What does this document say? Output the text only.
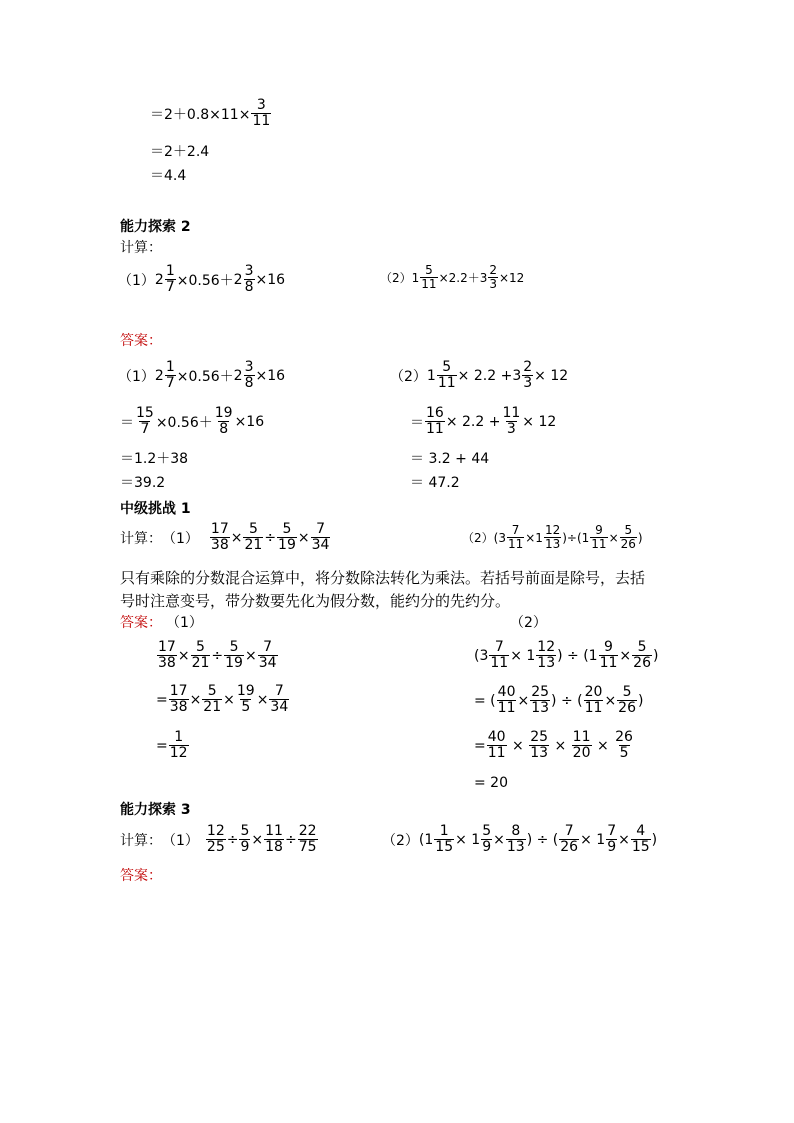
$=2+0.8\times 11\times \frac{3}{11}$
＝2＋2.4
＝4.4
能力探索 2
计算：
（1） $2 \frac{1}{7} \times 0.56+ 2 \frac{3}{8} \times 16$	（2） $1 \frac{5}{11} \times 2.2+ 3 \frac{2}{3} \times 12$
答案：
（1） $2 \frac{1}{7} \times 0.56+ 2 \frac{3}{8} \times 16$
＝ $\frac{15}{7} \times 0.56+ \frac{19}{8} \times 16$
＝1.2＋38
＝39.2
（2） $1 \frac{5}{11} \times 2.2 + 3 \frac{2}{3} \times 12$
＝ $\frac{16}{11} \times 2.2 + \frac{11}{3} \times 12$
＝ 3.2 + 44
＝ 47.2
中级挑战 1
计算： $(1) \frac{17}{38} \times \frac{5}{21} \div \frac{5}{19} \times \frac{7}{34}$	（2） $(3 \frac{7}{11} \times 1 \frac{12}{13} )\div(1 \frac{9}{11} \times \frac{5}{26}$ )
只有乘除的分数混合运算中，将分数除法转化为乘法。若括号前面是除号，去括
号时注意变号，带分数要先化为假分数，能约分的先约分。
答案： （1）	（2）
$\frac{17}{38} \times \frac{5}{21} \div \frac{5}{19} \times \frac{7}{34}$
= $\frac{17}{38} \times \frac{5}{21} \times \frac{19}{5} \times \frac{7}{34}$
= $\frac{1}{12}$
($3 \frac{7}{11} \times 1 \frac{12}{13}$ ) ÷ ($1 \frac{9}{11} \times \frac{5}{26}$ )
= ( $\frac{40}{11} \times \frac{25}{13}$ ) ÷ ( $\frac{20}{11} \times \frac{5}{26}$ )
= $\frac{40}{11} \times \frac{25}{13} \times \frac{11}{20} \times \frac{26}{5}$
= 20
能力探索 3
计算： $(1) \frac{12}{25} \div \frac{5}{9} \times \frac{11}{18} \div \frac{22}{75}$	（2） ($1 \frac{1}{15} \times 1 \frac{5}{9} \times \frac{8}{13}$ ) ÷ ( $\frac{7}{26} \times 1 \frac{7}{9} \times \frac{4}{15}$ )
答案：
